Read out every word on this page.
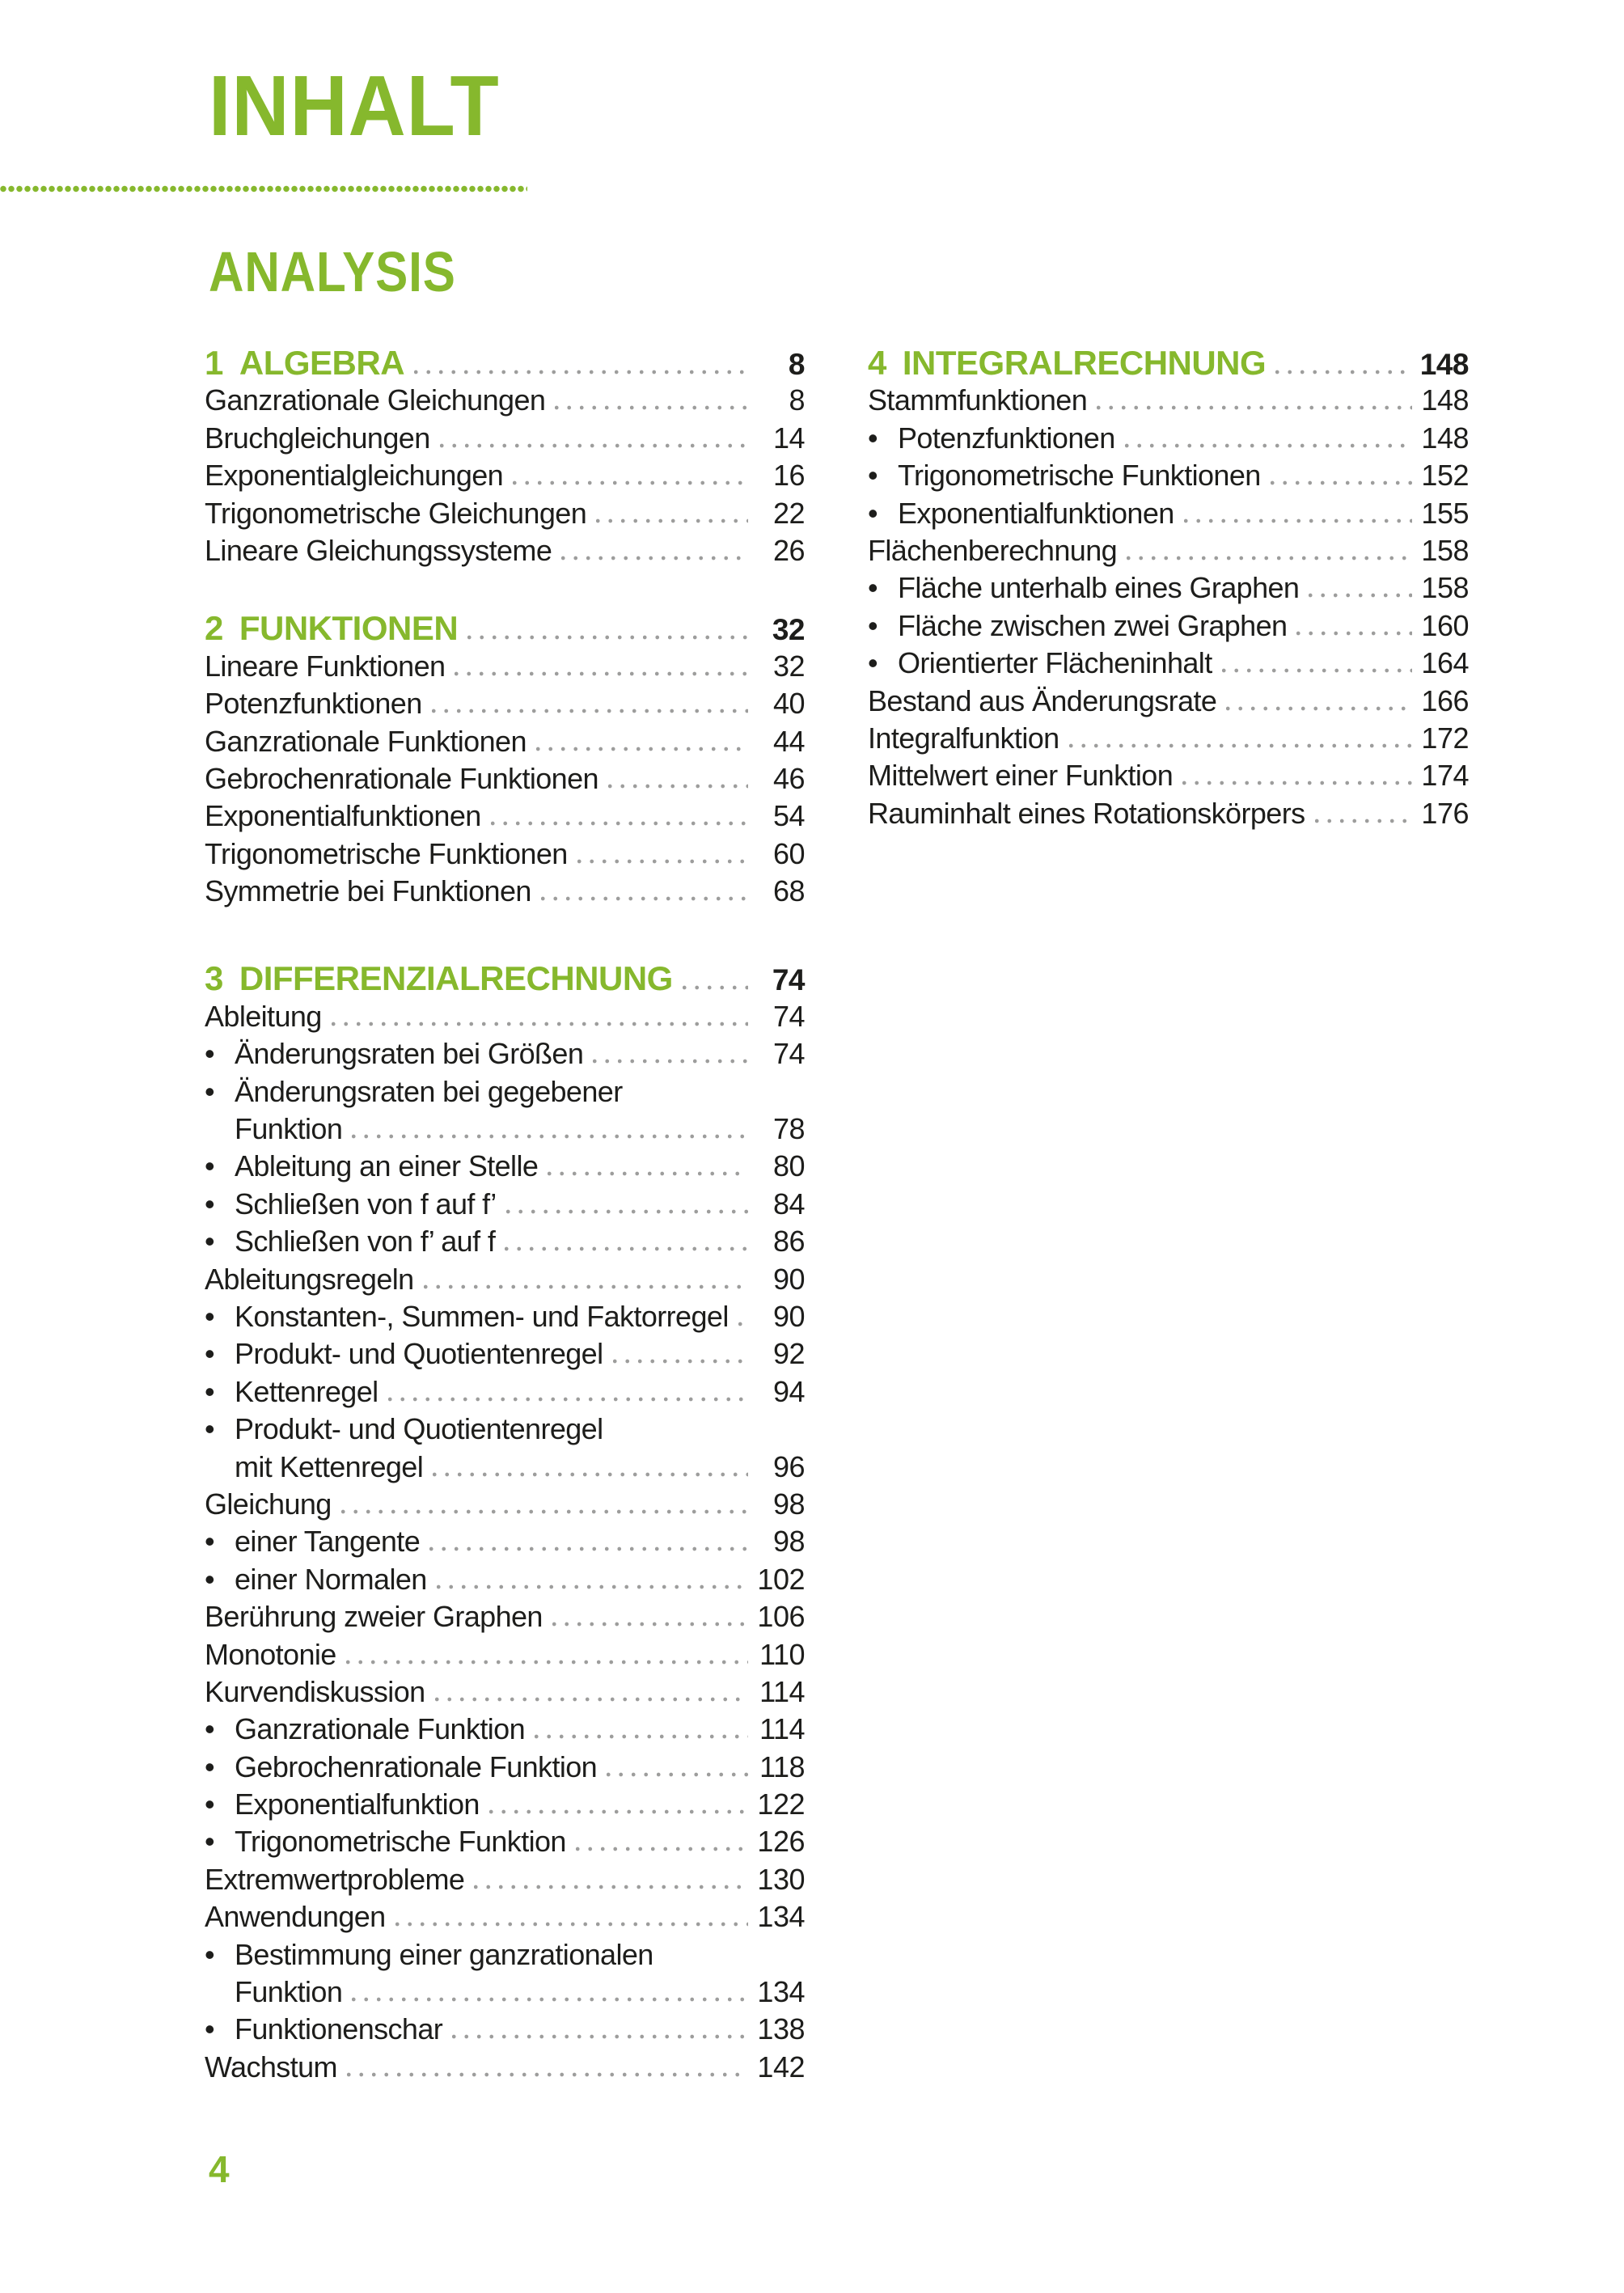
INHALT
ANALYSIS
1 ALGEBRA	8
Ganzrationale Gleichungen	8
Bruchgleichungen	14
Exponentialgleichungen	16
Trigonometrische Gleichungen	22
Lineare Gleichungssysteme	26
2 FUNKTIONEN	32
Lineare Funktionen	32
Potenzfunktionen	40
Ganzrationale Funktionen	44
Gebrochenrationale Funktionen	46
Exponentialfunktionen	54
Trigonometrische Funktionen	60
Symmetrie bei Funktionen	68
3 DIFFERENZIALRECHNUNG	74
Ableitung	74
• Änderungsraten bei Größen	74
• Änderungsraten bei gegebener
Funktion	78
• Ableitung an einer Stelle	80
• Schließen von f auf f’	84
• Schließen von f’ auf f	86
Ableitungsregeln	90
• Konstanten-, Summen- und Faktorregel	90
• Produkt- und Quotientenregel	92
• Kettenregel	94
• Produkt- und Quotientenregel
mit Kettenregel	96
Gleichung	98
• einer Tangente	98
• einer Normalen	102
Berührung zweier Graphen	106
Monotonie	110
Kurvendiskussion	114
• Ganzrationale Funktion	114
• Gebrochenrationale Funktion	118
• Exponentialfunktion	122
• Trigonometrische Funktion	126
Extremwertprobleme	130
Anwendungen	134
• Bestimmung einer ganzrationalen
Funktion	134
• Funktionenschar	138
Wachstum	142
4 INTEGRALRECHNUNG	148
Stammfunktionen	148
• Potenzfunktionen	148
• Trigonometrische Funktionen	152
• Exponentialfunktionen	155
Flächenberechnung	158
• Fläche unterhalb eines Graphen	158
• Fläche zwischen zwei Graphen	160
• Orientierter Flächeninhalt	164
Bestand aus Änderungsrate	166
Integralfunktion	172
Mittelwert einer Funktion	174
Rauminhalt eines Rotationskörpers	176
4
